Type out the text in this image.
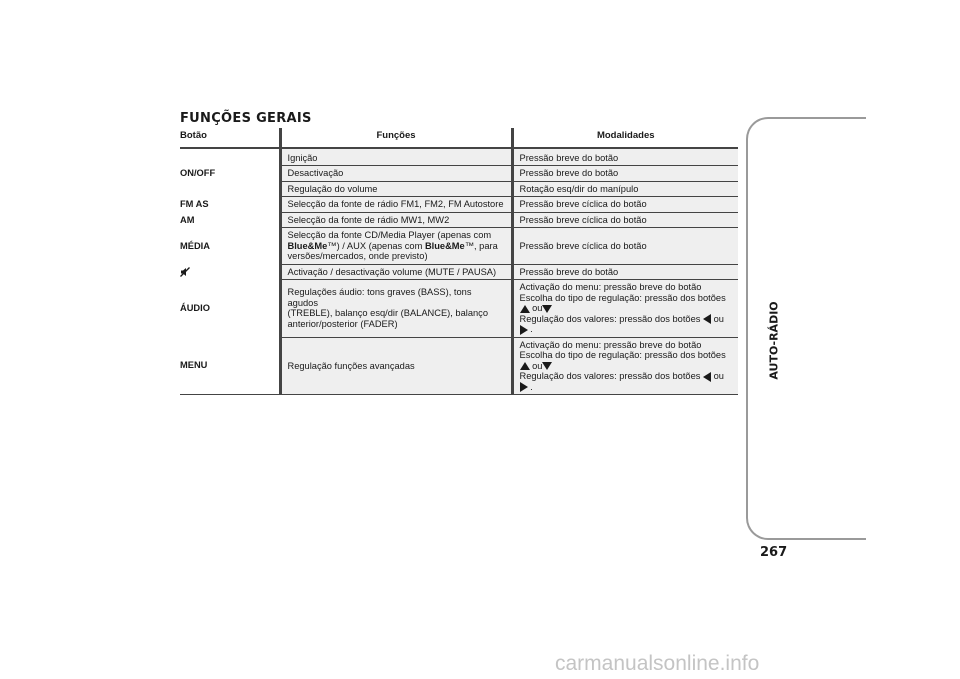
FUNÇÕES GERAIS
Botão	Funções	Modalidades
ON/OFF	Ignição	Pressão breve do botão
	Desactivação	Pressão breve do botão
	Regulação do volume	Rotação esq/dir do manípulo
FM AS	Selecção da fonte de rádio FM1, FM2, FM Autostore	Pressão breve cíclica do botão
AM	Selecção da fonte de rádio MW1, MW2	Pressão breve cíclica do botão
MÉDIA	Selecção da fonte CD/Media Player (apenas com
Blue&Me™) / AUX (apenas com Blue&Me™, para
versões/mercados, onde previsto)	Pressão breve cíclica do botão
	Activação / desactivação volume (MUTE / PAUSA)	Pressão breve do botão
ÁUDIO	Regulações áudio: tons graves (BASS), tons agudos
(TREBLE), balanço esq/dir (BALANCE), balanço
anterior/posterior (FADER)	Activação do menu: pressão breve do botão
Escolha do tipo de regulação: pressão dos botões
ou
Regulação dos valores: pressão dos botões ou  .

MENU	Regulação funções avançadas	Activação do menu: pressão breve do botão
Escolha do tipo de regulação: pressão dos botões
ou
Regulação dos valores: pressão dos botões ou  .
AUTO-RÁDIO
267
carmanualsonline.info
